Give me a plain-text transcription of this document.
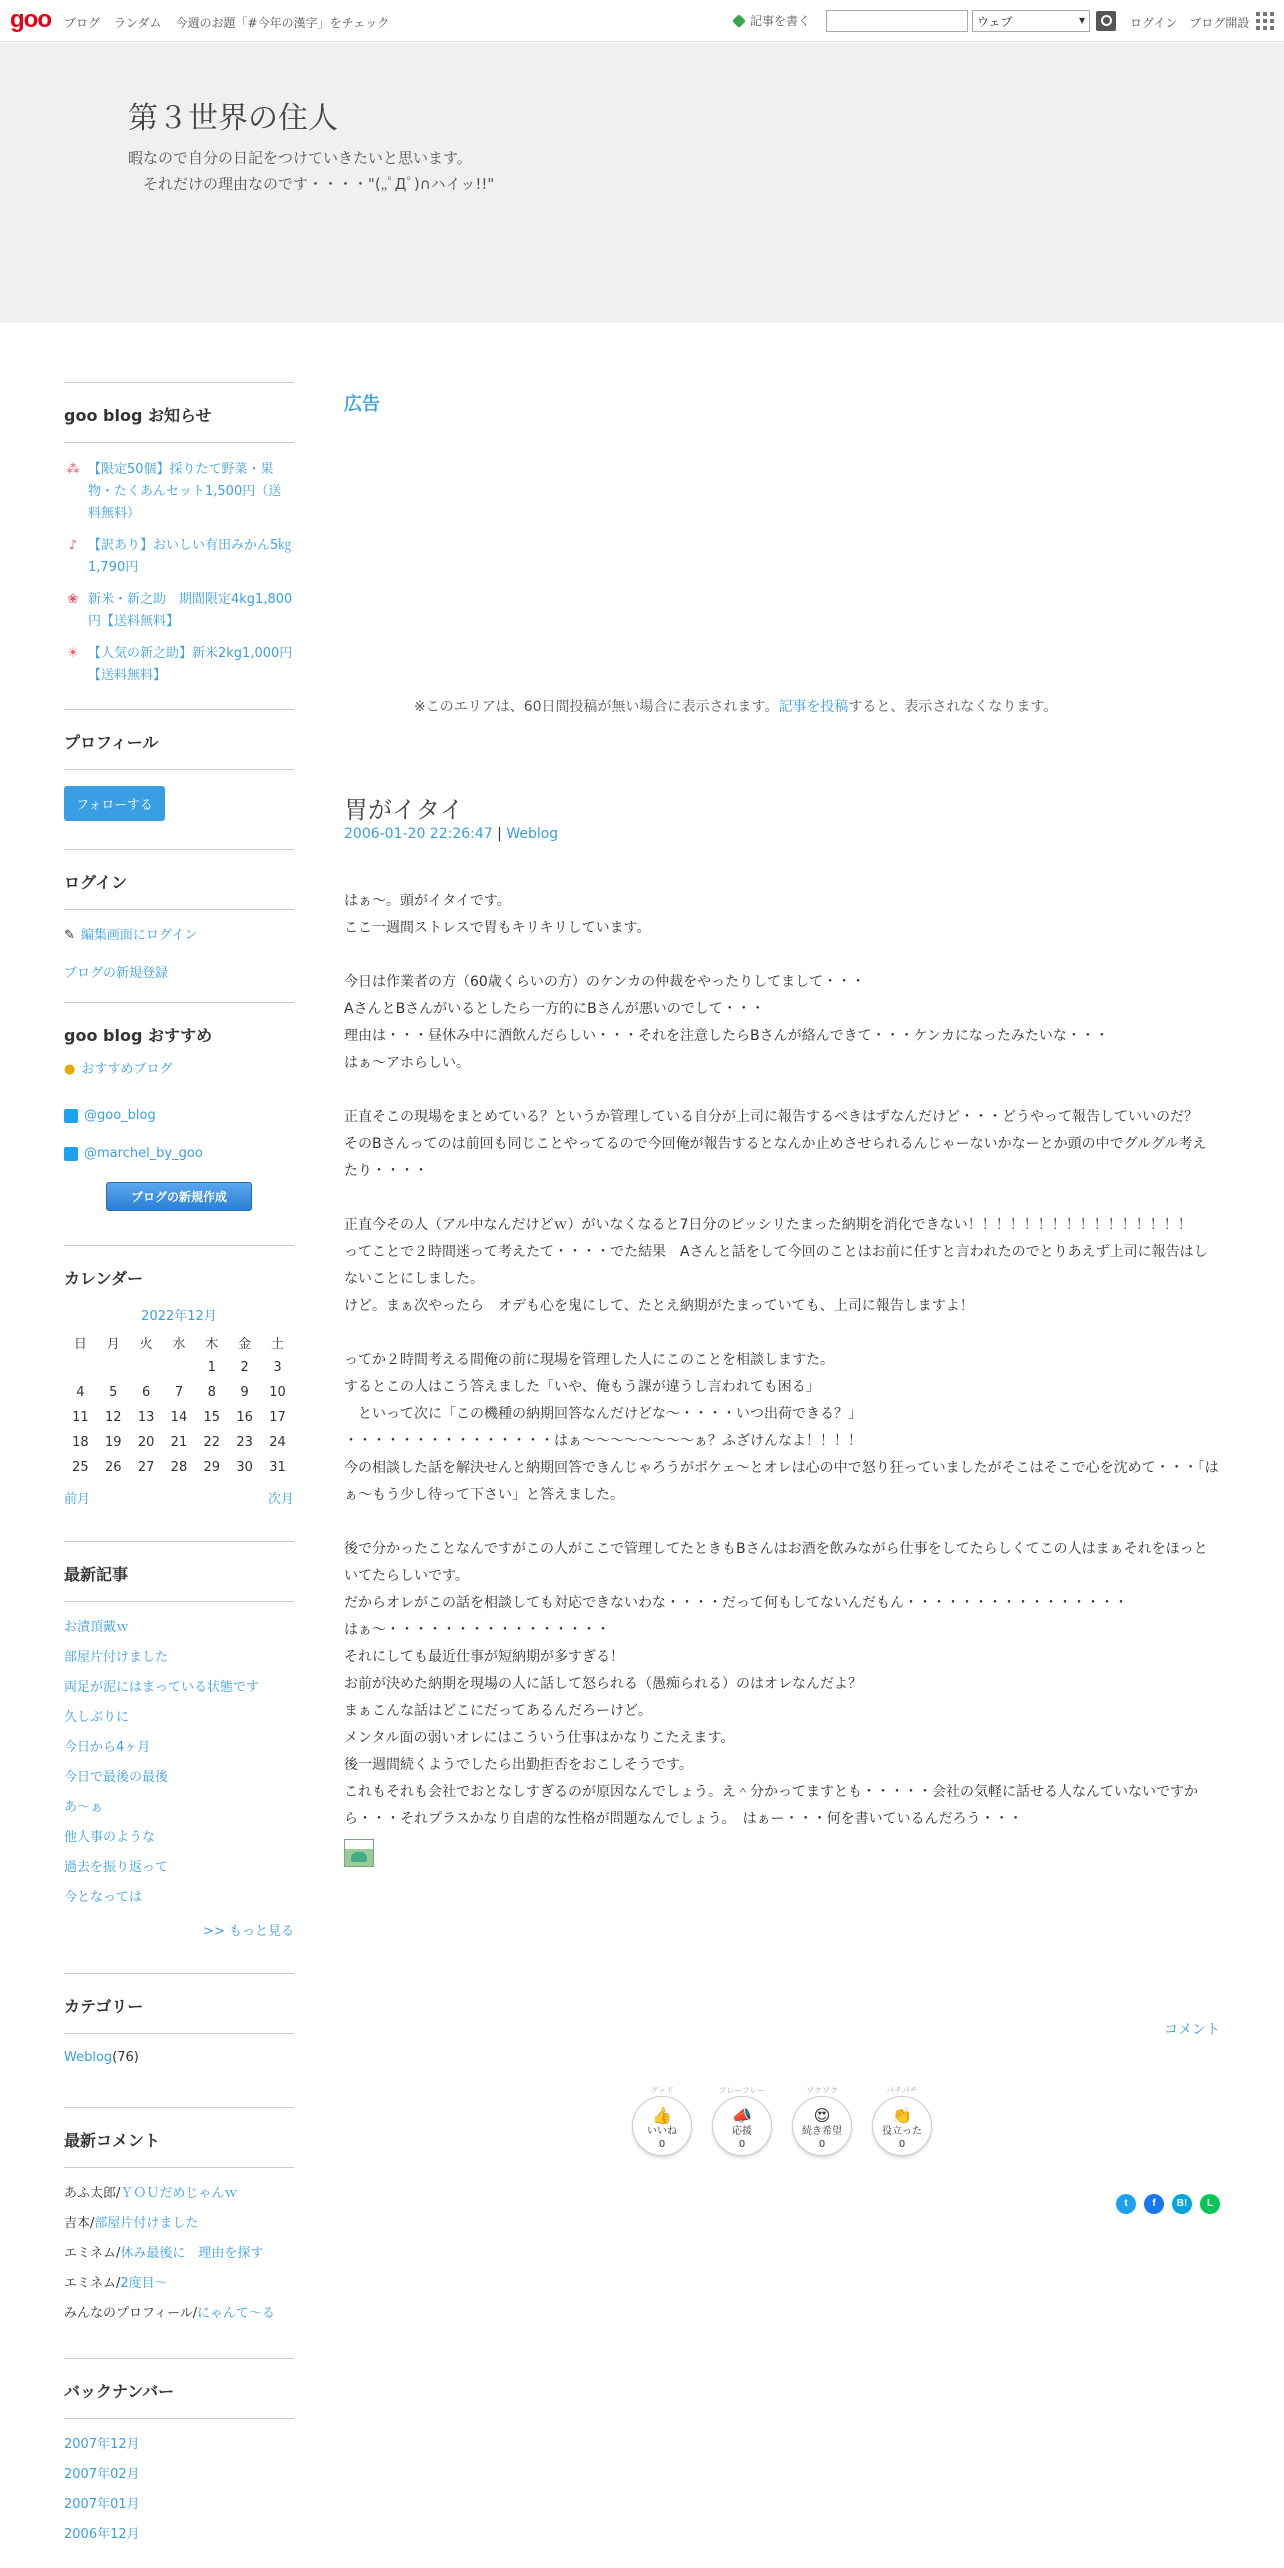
goo ブログ ランダム 今週のお題「#今年の漢字」をチェック	記事を書く	ウェブ ▾	ログイン ブログ開設
第３世界の住人
暇なので自分の日記をつけていきたいと思います。
　それだけの理由なのです・・・・"(„ﾟДﾟ)∩ハイッ!!"
goo blog お知らせ
⁂ 【限定50個】採りたて野菜・果物・たくあんセット1,500円（送料無料）
♪ 【訳あり】おいしい有田みかん5㎏1,790円
❀ 新米・新之助　期間限定4kg1,800円【送料無料】
☀ 【人気の新之助】新米2kg1,000円【送料無料】
プロフィール
フォローする
ログイン
✎ 編集画面にログイン
ブログの新規登録
goo blog おすすめ
● おすすめブログ
@goo_blog
@marchel_by_goo
ブログの新規作成
カレンダー
2022年12月
日	月	火	水	木	金	土
				1	2	3
4	5	6	7	8	9	10
11	12	13	14	15	16	17
18	19	20	21	22	23	24
25	26	27	28	29	30	31
前月	次月
最新記事
お漬頂戴ｗ
部屋片付けました
両足が泥にはまっている状態です
久しぶりに
今日から4ヶ月
今日で最後の最後
あ～ぁ
他人事のような
過去を振り返って
今となっては
>> もっと見る
カテゴリー
Weblog(76)
最新コメント
あふ太郎/ＹＯＵだめじゃんｗ
吉本/部屋片付けました
エミネム/休み最後に　理由を探す
エミネム/2度目～
みんなのプロフィール/にゃんて～る
バックナンバー
2007年12月
2007年02月
2007年01月
2006年12月
広告
※このエリアは、60日間投稿が無い場合に表示されます。記事を投稿すると、表示されなくなります。
胃がイタイ
2006-01-20 22:26:47 | Weblog
はぁ～。頭がイタイです。
ここ一週間ストレスで胃もキリキリしています。
今日は作業者の方（60歳くらいの方）のケンカの仲裁をやったりしてまして・・・
AさんとBさんがいるとしたら一方的にBさんが悪いのでして・・・
理由は・・・昼休み中に酒飲んだらしい・・・それを注意したらBさんが絡んできて・・・ケンカになったみたいな・・・
はぁ～アホらしい。
正直そこの現場をまとめている？というか管理している自分が上司に報告するべきはずなんだけど・・・どうやって報告していいのだ？
そのBさんってのは前回も同じことやってるので今回俺が報告するとなんか止めさせられるんじゃーないかなーとか頭の中でグルグル考えたり・・・・
正直今その人（アル中なんだけどｗ）がいなくなると7日分のビッシリたまった納期を消化できない！！！！！！！！！！！！！！！！
ってことで２時間迷って考えたて・・・・でた結果　Aさんと話をして今回のことはお前に任すと言われたのでとりあえず上司に報告はしないことにしました。
けど。まぁ次やったら　オデも心を鬼にして、たとえ納期がたまっていても、上司に報告しますよ！
ってか２時間考える間俺の前に現場を管理した人にこのことを相談しますた。
するとこの人はこう答えました「いや、俺もう課が違うし言われても困る」
　といって次に「この機種の納期回答なんだけどな～・・・・いつ出荷できる？」
・・・・・・・・・・・・・・・はぁ～～～～～～～～ぁ？ふざけんなよ！！！！
今の相談した話を解決せんと納期回答できんじゃろうがボケェ～とオレは心の中で怒り狂っていましたがそこはそこで心を沈めて・・・「はぁ～もう少し待って下さい」と答えました。
後で分かったことなんですがこの人がここで管理してたときもBさんはお酒を飲みながら仕事をしてたらしくてこの人はまぁそれをほっといてたらしいです。
だからオレがこの話を相談しても対応できないわな・・・・だって何もしてないんだもん・・・・・・・・・・・・・・・・
はぁ～・・・・・・・・・・・・・・・・
それにしても最近仕事が短納期が多すぎる！
お前が決めた納期を現場の人に話して怒られる（愚痴られる）のはオレなんだよ？
まぁこんな話はどこにだってあるんだろーけど。
メンタル面の弱いオレにはこういう仕事はかなりこたえます。
後一週間続くようでしたら出勤拒否をおこしそうです。
これもそれも会社でおとなしすぎるのが原因なんでしょう。え＾分かってますとも・・・・・会社の気軽に話せる人なんていないですから・・・それプラスかなり自虐的な性格が問題なんでしょう。　はぁー・・・何を書いているんだろう・・・
コメント
グッド
👍
いいね
0
フレーフレー
📣
応援
0
ワクワク
😍
続き希望
0
パチパチ
👏
役立った
0
t	f	B!	L
